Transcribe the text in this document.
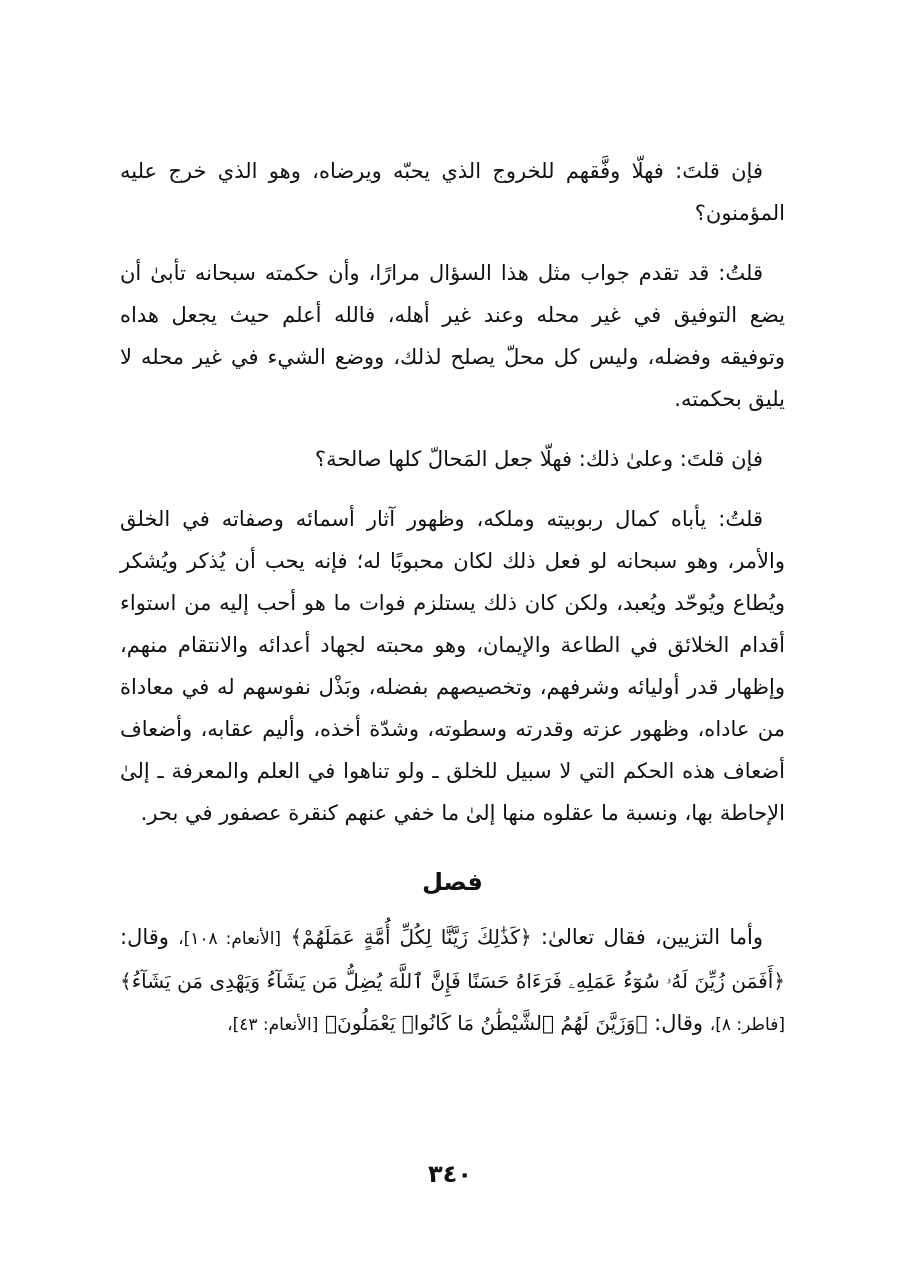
فإن قلتَ: فهلّا وفَّقهم للخروج الذي يحبّه ويرضاه، وهو الذي خرج عليه المؤمنون؟

قلتُ: قد تقدم جواب مثل هذا السؤال مرارًا، وأن حكمته سبحانه تأبىٰ أن يضع التوفيق في غير محله وعند غير أهله، فالله أعلم حيث يجعل هداه وتوفيقه وفضله، وليس كل محلّ يصلح لذلك، ووضع الشيء في غير محله لا يليق بحكمته.

فإن قلتَ: وعلىٰ ذلك: فهلّا جعل المَحالّ كلها صالحة؟

قلتُ: يأباه كمال ربوبيته وملكه، وظهور آثار أسمائه وصفاته في الخلق والأمر، وهو سبحانه لو فعل ذلك لكان محبوبًا له؛ فإنه يحب أن يُذكر ويُشكر ويُطاع ويُوحّد ويُعبد، ولكن كان ذلك يستلزم فوات ما هو أحب إليه من استواء أقدام الخلائق في الطاعة والإيمان، وهو محبته لجهاد أعدائه والانتقام منهم، وإظهار قدر أوليائه وشرفهم، وتخصيصهم بفضله، وبَذْل نفوسهم له في معاداة من عاداه، وظهور عزته وقدرته وسطوته، وشدّة أخذه، وأليم عقابه، وأضعاف أضعاف هذه الحكم التي لا سبيل للخلق ـ ولو تناهوا في العلم والمعرفة ـ إلىٰ الإحاطة بها، ونسبة ما عقلوه منها إلىٰ ما خفي عنهم كنقرة عصفور في بحر.

فصل

وأما التزيين، فقال تعالىٰ: ﴿كَذَٰلِكَ زَيَّنَّا لِكُلِّ أُمَّةٍ عَمَلَهُمْ﴾ [الأنعام: ١٠٨]، وقال: ﴿أَفَمَن زُيِّنَ لَهُۥ سُوٓءُ عَمَلِهِۦ فَرَءَاهُ حَسَنًا فَإِنَّ ٱللَّهَ يُضِلُّ مَن يَشَآءُ وَيَهْدِى مَن يَشَآءُ﴾ [فاطر: ٨]، وقال: ﴿وَزَيَّنَ لَهُمُ ٱلشَّيْطَٰنُ مَا كَانُوا۟ يَعْمَلُونَ﴾ [الأنعام: ٤٣]،

٣٤٠
